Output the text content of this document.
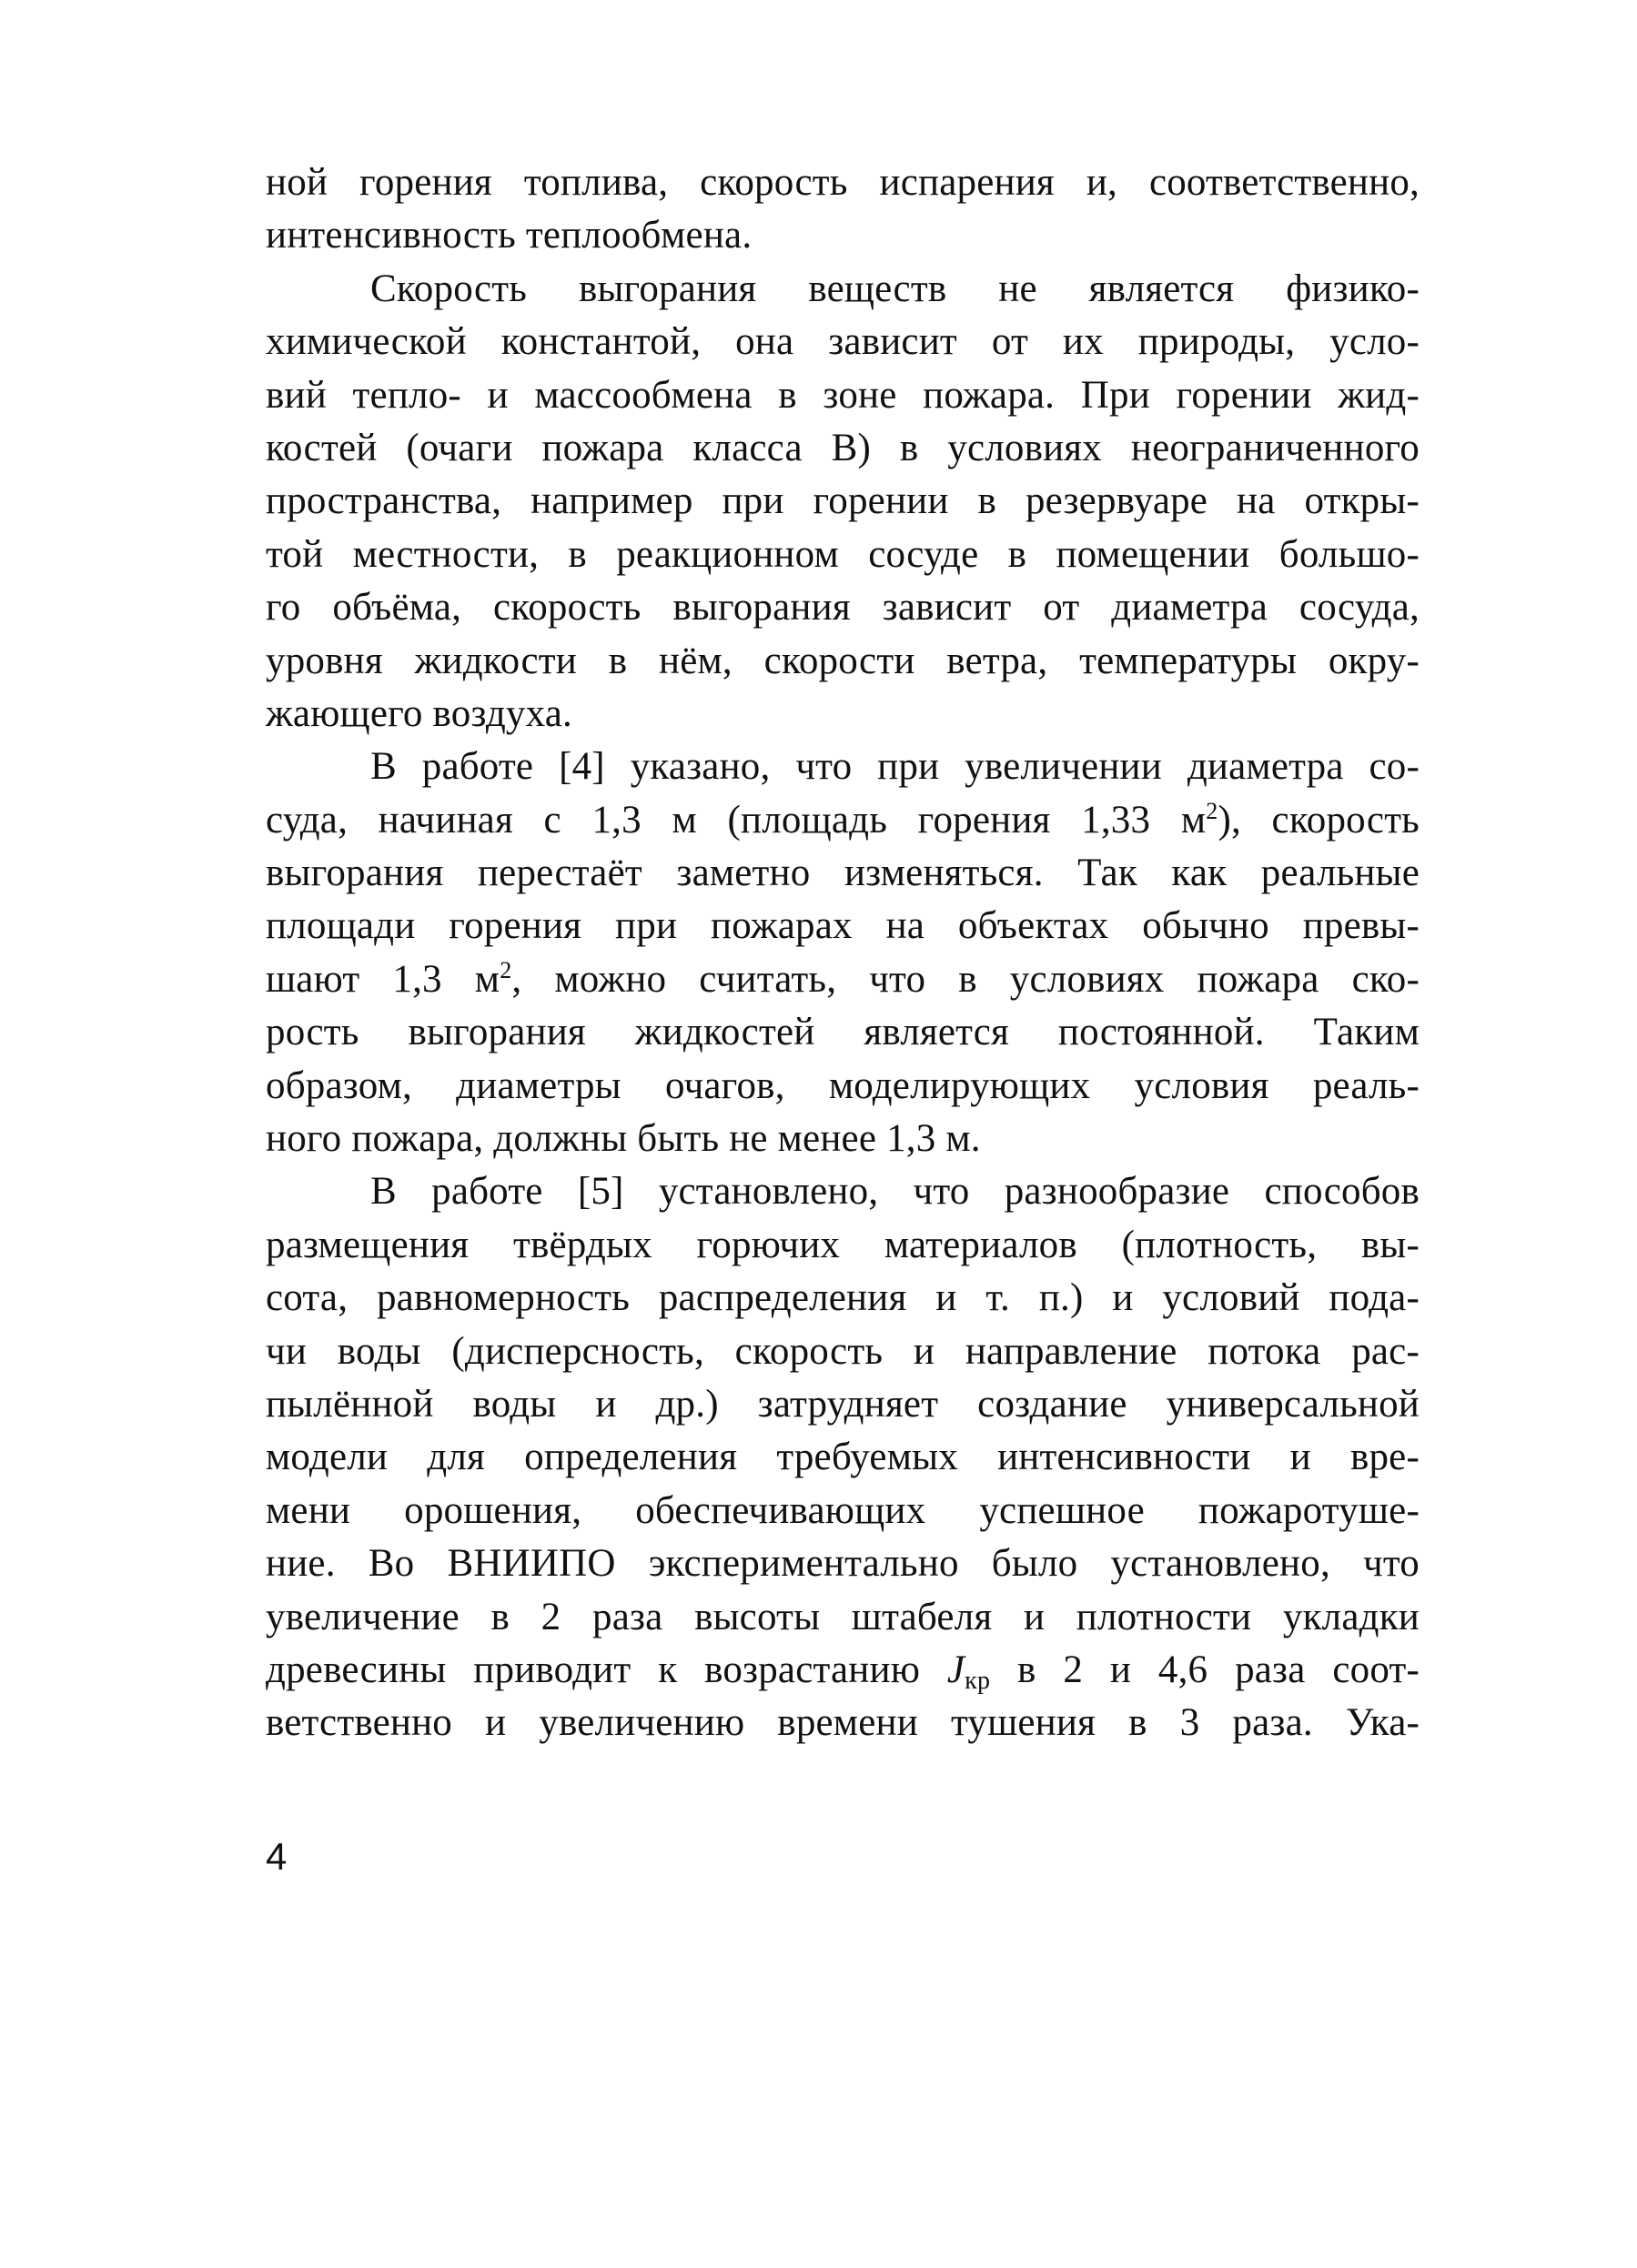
ной горения топлива, скорость испарения и, соответственно,
интенсивность теплообмена.
Скорость выгорания веществ не является физико-
химической константой, она зависит от их природы, усло-
вий тепло- и массообмена в зоне пожара. При горении жид-
костей (очаги пожара класса В) в условиях неограниченного
пространства, например при горении в резервуаре на откры-
той местности, в реакционном сосуде в помещении большо-
го объёма, скорость выгорания зависит от диаметра сосуда,
уровня жидкости в нём, скорости ветра, температуры окру-
жающего воздуха.
В работе [4] указано, что при увеличении диаметра со-
суда, начиная с 1,3 м (площадь горения 1,33 $м^2$), скорость
выгорания перестаёт заметно изменяться. Так как реальные
площади горения при пожарах на объектах обычно превы-
шают 1,3 $м^2$, можно считать, что в условиях пожара ско-
рость выгорания жидкостей является постоянной. Таким
образом, диаметры очагов, моделирующих условия реаль-
ного пожара, должны быть не менее 1,3 м.
В работе [5] установлено, что разнообразие способов
размещения твёрдых горючих материалов (плотность, вы-
сота, равномерность распределения и т. п.) и условий пода-
чи воды (дисперсность, скорость и направление потока рас-
пылённой воды и др.) затрудняет создание универсальной
модели для определения требуемых интенсивности и вре-
мени орошения, обеспечивающих успешное пожаротуше-
ние. Во ВНИИПО экспериментально было установлено, что
увеличение в 2 раза высоты штабеля и плотности укладки
древесины приводит к возрастанию $J_{кр}$ в 2 и 4,6 раза соот-
ветственно и увеличению времени тушения в 3 раза. Ука-
4
